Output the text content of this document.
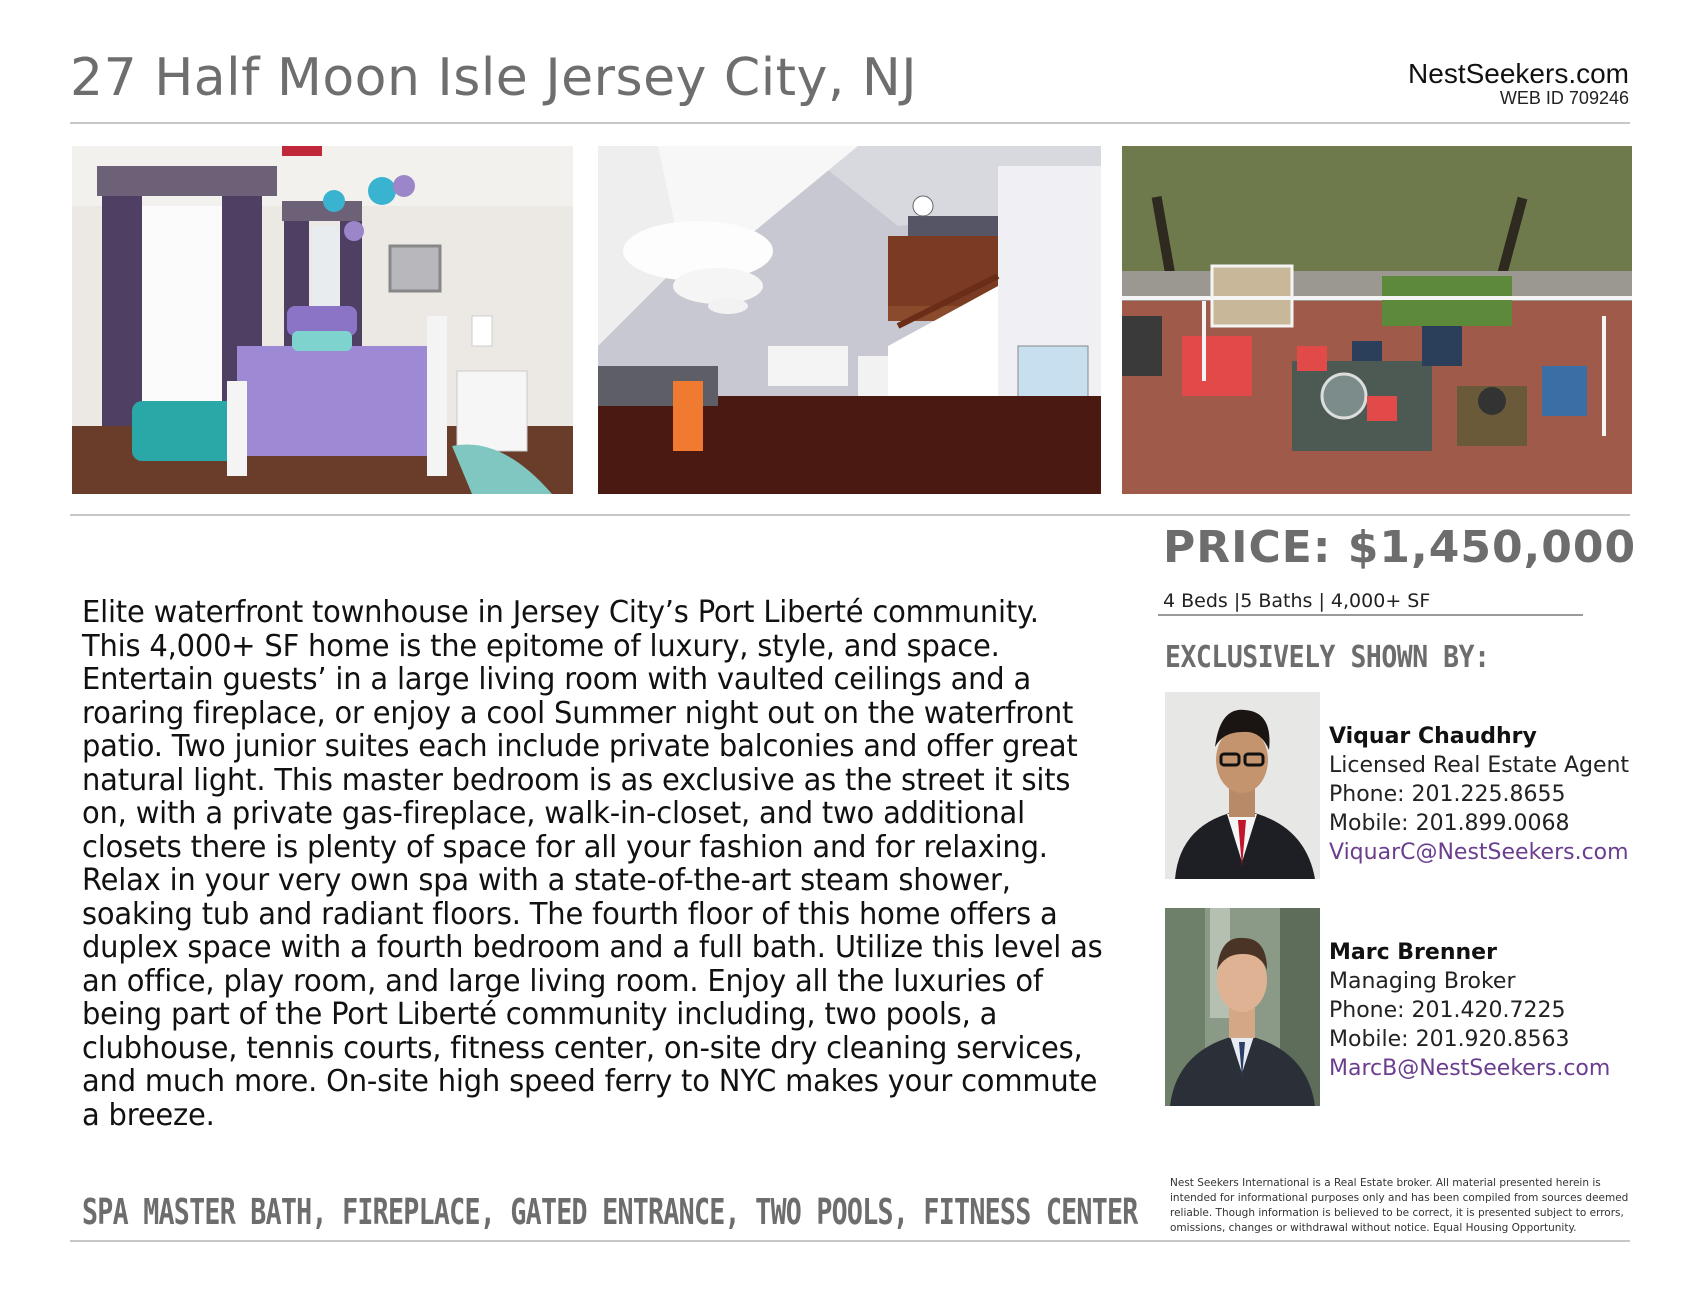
27 Half Moon Isle Jersey City, NJ	NestSeekers.com
WEB ID 709246
PRICE: $1,450,000
4 Beds |5 Baths | 4,000+ SF
EXCLUSIVELY SHOWN BY:
Elite waterfront townhouse in Jersey City’s Port Liberté community. This 4,000+ SF home is the epitome of luxury, style, and space. Entertain guests’ in a large living room with vaulted ceilings and a roaring fireplace, or enjoy a cool Summer night out on the waterfront patio. Two junior suites each include private balconies and offer great natural light. This master bedroom is as exclusive as the street it sits on, with a private gas-fireplace, walk-in-closet, and two additional closets there is plenty of space for all your fashion and for relaxing. Relax in your very own spa with a state-of-the-art steam shower, soaking tub and radiant floors. The fourth floor of this home offers a duplex space with a fourth bedroom and a full bath. Utilize this level as an office, play room, and large living room. Enjoy all the luxuries of being part of the Port Liberté community including, two pools, a clubhouse, tennis courts, fitness center, on-site dry cleaning services, and much more. On-site high speed ferry to NYC makes your commute a breeze.
Viquar Chaudhry
Licensed Real Estate Agent
Phone: 201.225.8655
Mobile: 201.899.0068
ViquarC@NestSeekers.com
Marc Brenner
Managing Broker
Phone: 201.420.7225
Mobile: 201.920.8563
MarcB@NestSeekers.com
SPA MASTER BATH, FIREPLACE, GATED ENTRANCE, TWO POOLS, FITNESS CENTER
Nest Seekers International is a Real Estate broker. All material presented herein is intended for informational purposes only and has been compiled from sources deemed reliable. Though information is believed to be correct, it is presented subject to errors, omissions, changes or withdrawal without notice. Equal Housing Opportunity.
